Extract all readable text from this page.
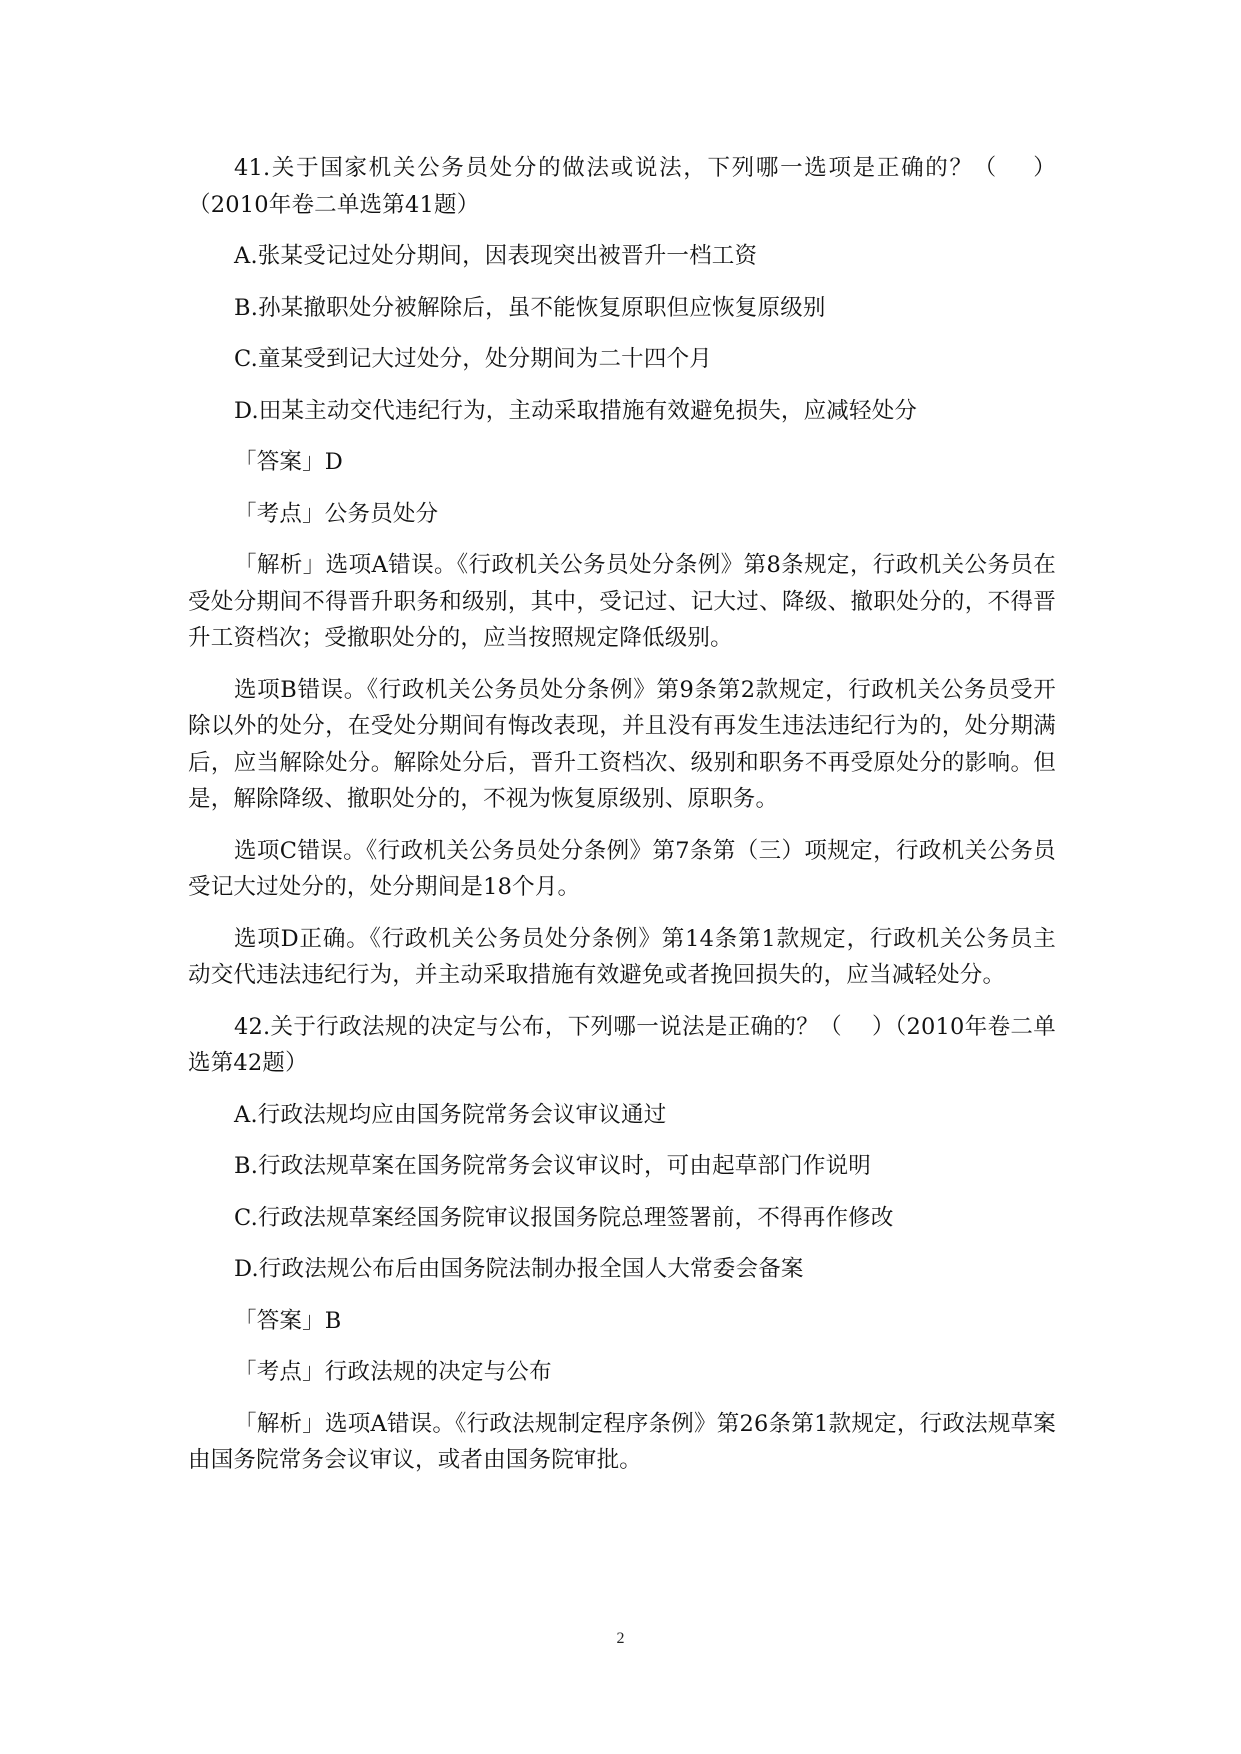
41.关于国家机关公务员处分的做法或说法，下列哪一选项是正确的？（    ）（2010年卷二单选第41题）

A.张某受记过处分期间，因表现突出被晋升一档工资

B.孙某撤职处分被解除后，虽不能恢复原职但应恢复原级别

C.童某受到记大过处分，处分期间为二十四个月

D.田某主动交代违纪行为，主动采取措施有效避免损失，应减轻处分

「答案」D

「考点」公务员处分

「解析」选项A错误。《行政机关公务员处分条例》第8条规定，行政机关公务员在受处分期间不得晋升职务和级别，其中，受记过、记大过、降级、撤职处分的，不得晋升工资档次；受撤职处分的，应当按照规定降低级别。

选项B错误。《行政机关公务员处分条例》第9条第2款规定，行政机关公务员受开除以外的处分，在受处分期间有悔改表现，并且没有再发生违法违纪行为的，处分期满后，应当解除处分。解除处分后，晋升工资档次、级别和职务不再受原处分的影响。但是，解除降级、撤职处分的，不视为恢复原级别、原职务。

选项C错误。《行政机关公务员处分条例》第7条第（三）项规定，行政机关公务员受记大过处分的，处分期间是18个月。

选项D正确。《行政机关公务员处分条例》第14条第1款规定，行政机关公务员主动交代违法违纪行为，并主动采取措施有效避免或者挽回损失的，应当减轻处分。

42.关于行政法规的决定与公布，下列哪一说法是正确的？（    ）（2010年卷二单选第42题）

A.行政法规均应由国务院常务会议审议通过

B.行政法规草案在国务院常务会议审议时，可由起草部门作说明

C.行政法规草案经国务院审议报国务院总理签署前，不得再作修改

D.行政法规公布后由国务院法制办报全国人大常委会备案

「答案」B

「考点」行政法规的决定与公布

「解析」选项A错误。《行政法规制定程序条例》第26条第1款规定，行政法规草案由国务院常务会议审议，或者由国务院审批。

2
